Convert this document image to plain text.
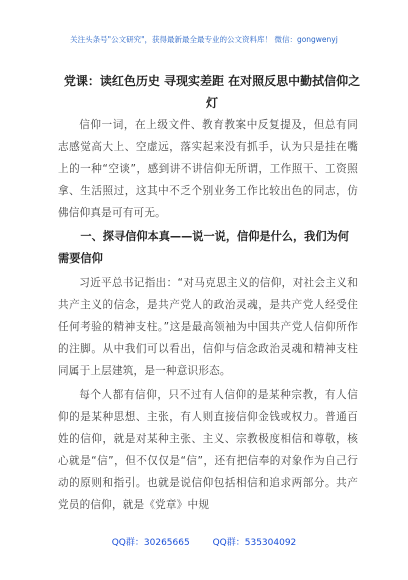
关注头条号"公文研究"，获得最新最全最专业的公文资料库！ 微信：gongwenyj
党课：读红色历史 寻现实差距 在对照反思中勤拭信仰之灯
信仰一词，在上级文件、教育教案中反复提及，但总有同志感觉高大上、空虚远，落实起来没有抓手，认为只是挂在嘴上的一种“空谈”，感到讲不讲信仰无所谓，工作照干、工资照拿、生活照过，这其中不乏个别业务工作比较出色的同志，仿佛信仰真是可有可无。
一、探寻信仰本真——说一说，信仰是什么，我们为何需要信仰
习近平总书记指出：“对马克思主义的信仰，对社会主义和共产主义的信念，是共产党人的政治灵魂，是共产党人经受住任何考验的精神支柱。”这是最高领袖为中国共产党人信仰所作的注脚。从中我们可以看出，信仰与信念政治灵魂和精神支柱同属于上层建筑，是一种意识形态。
每个人都有信仰，只不过有人信仰的是某种宗教，有人信仰的是某种思想、主张，有人则直接信仰金钱或权力。普通百姓的信仰，就是对某种主张、主义、宗教极度相信和尊敬，核心就是“信”，但不仅仅是“信”，还有把信奉的对象作为自己行动的原则和指引。也就是说信仰包括相信和追求两部分。共产党员的信仰，就是《党章》中规
QQ群：30265665	QQ群：535304092
